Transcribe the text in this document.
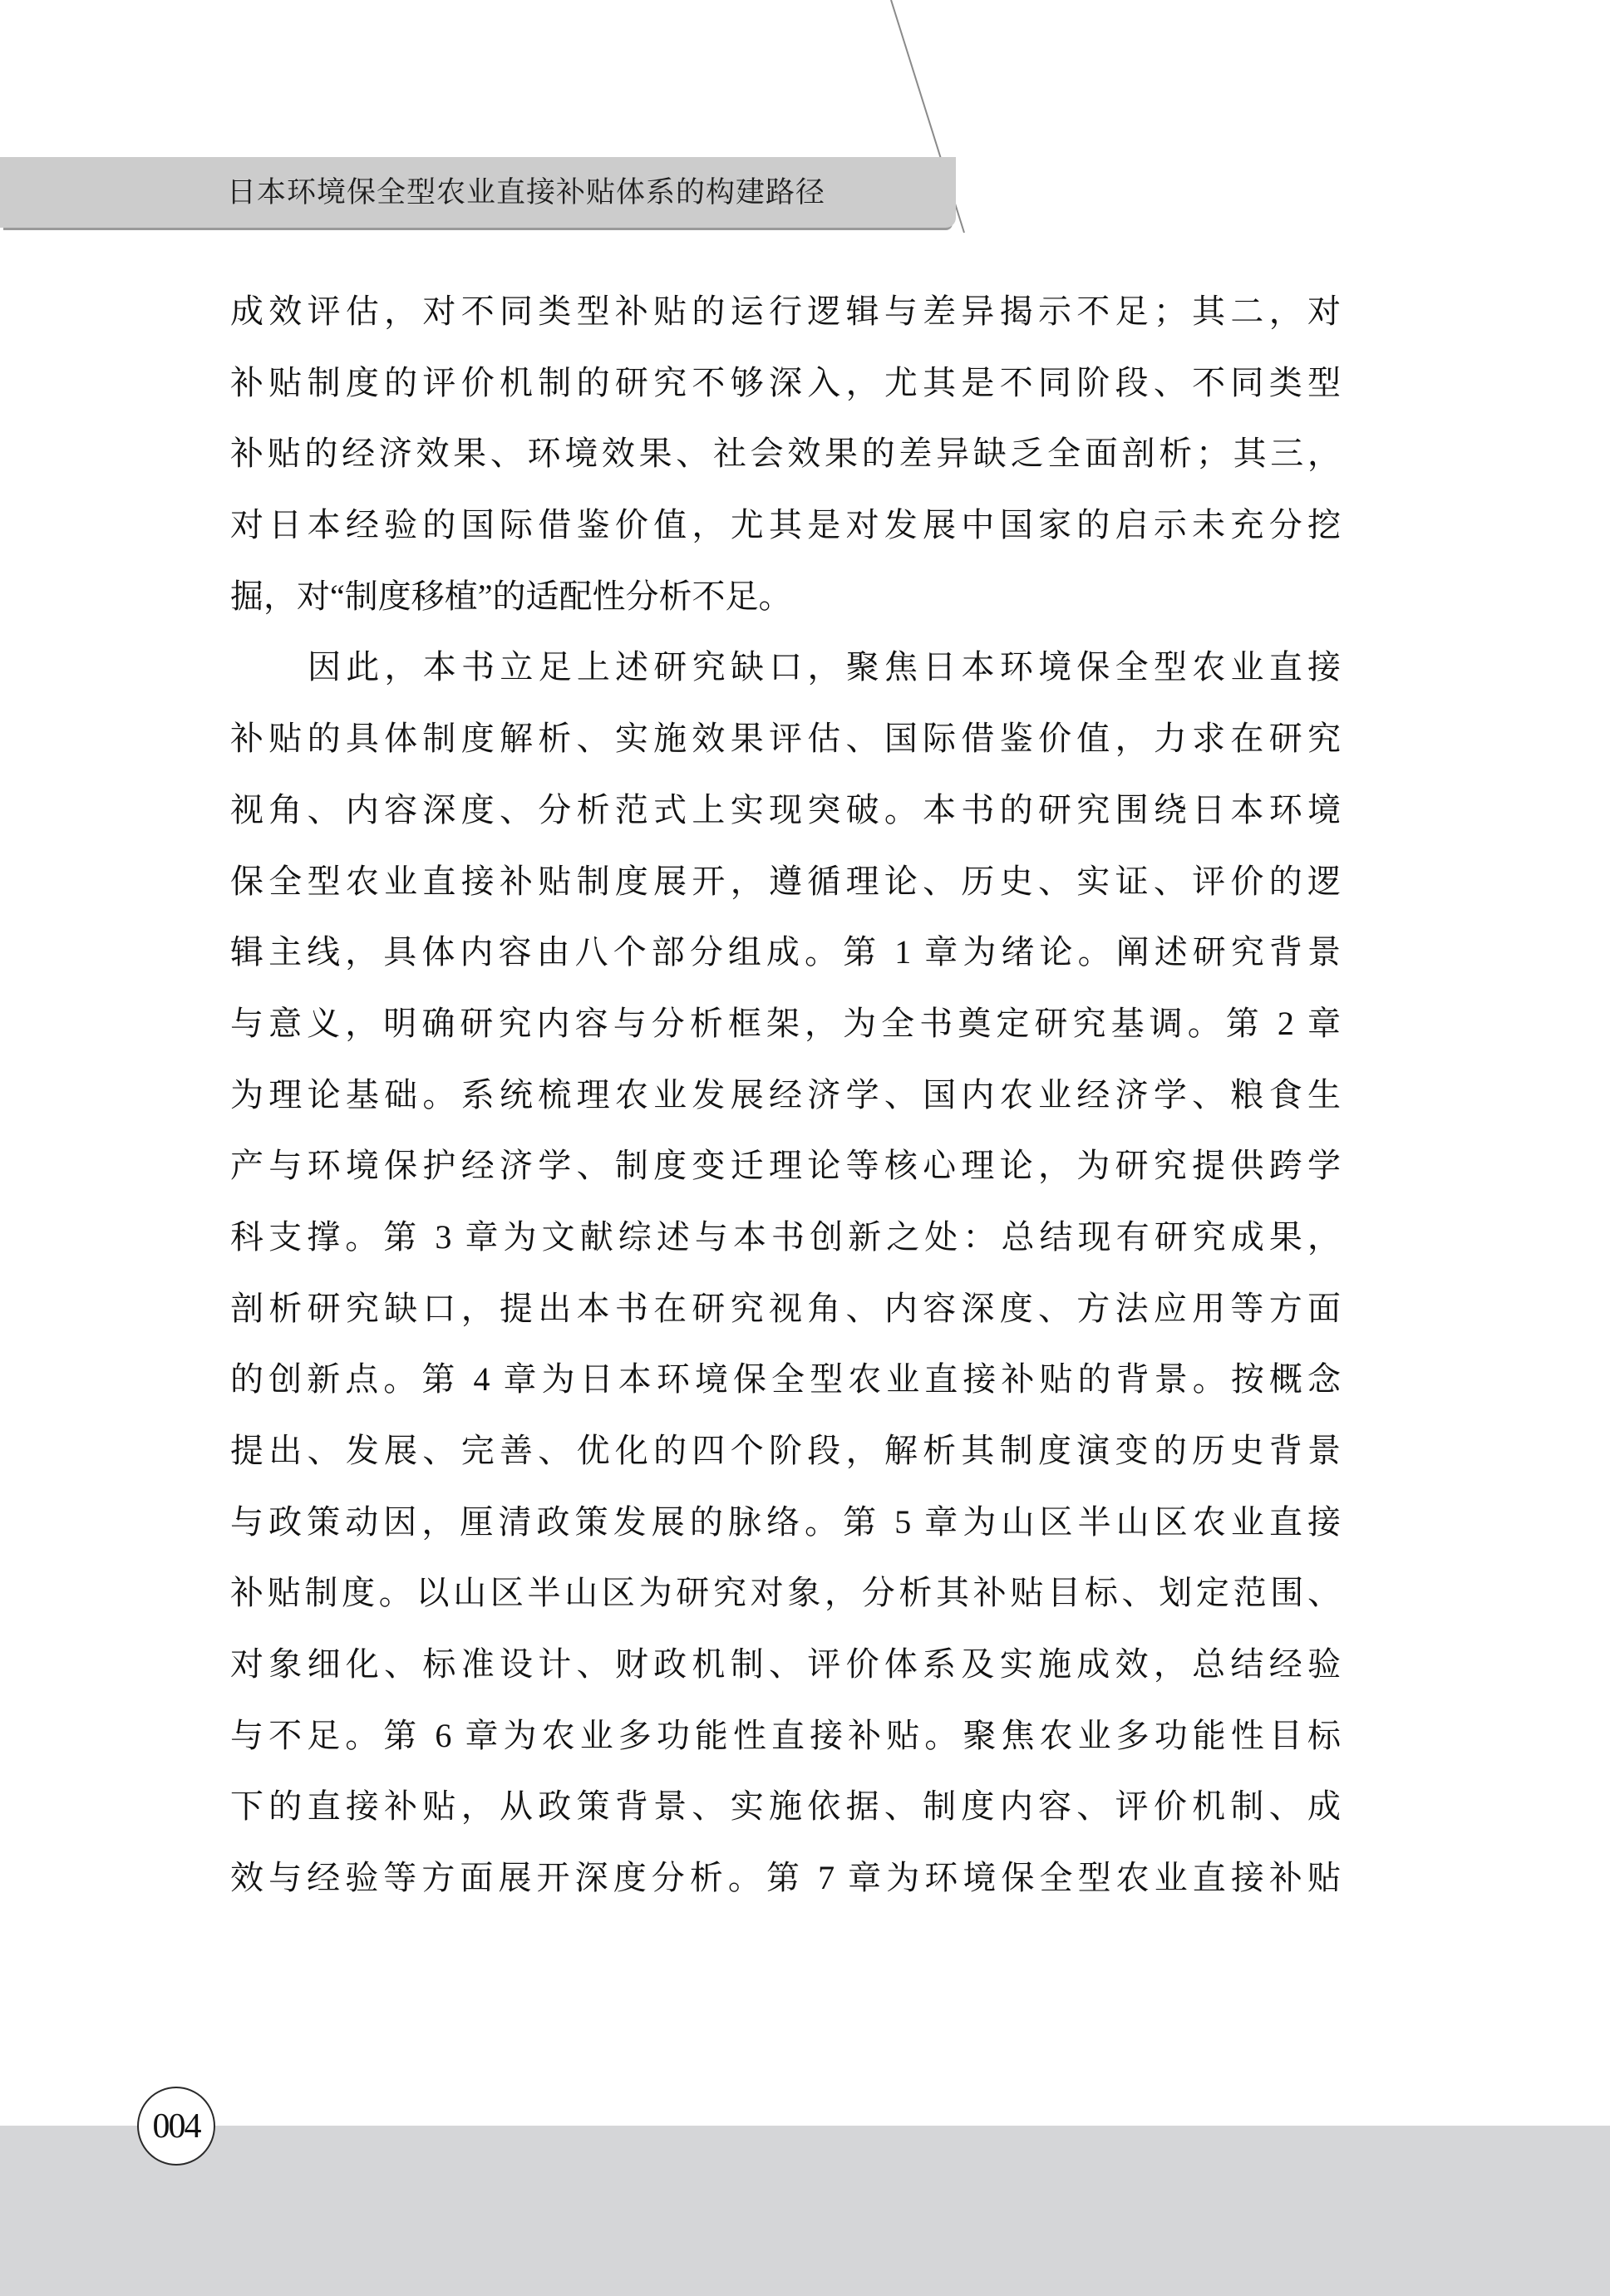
日本环境保全型农业直接补贴体系的构建路径
成效评估，对不同类型补贴的运行逻辑与差异揭示不足；其二，对
补贴制度的评价机制的研究不够深入，尤其是不同阶段、不同类型
补贴的经济效果、环境效果、社会效果的差异缺乏全面剖析；其三，
对日本经验的国际借鉴价值，尤其是对发展中国家的启示未充分挖
掘，对“制度移植”的适配性分析不足。
因此，本书立足上述研究缺口，聚焦日本环境保全型农业直接
补贴的具体制度解析、实施效果评估、国际借鉴价值，力求在研究
视角、内容深度、分析范式上实现突破。本书的研究围绕日本环境
保全型农业直接补贴制度展开，遵循理论、历史、实证、评价的逻
辑主线，具体内容由八个部分组成。第 1 章为绪论。阐述研究背景
与意义，明确研究内容与分析框架，为全书奠定研究基调。第 2 章
为理论基础。系统梳理农业发展经济学、国内农业经济学、粮食生
产与环境保护经济学、制度变迁理论等核心理论，为研究提供跨学
科支撑。第 3 章为文献综述与本书创新之处：总结现有研究成果，
剖析研究缺口，提出本书在研究视角、内容深度、方法应用等方面
的创新点。第 4 章为日本环境保全型农业直接补贴的背景。按概念
提出、发展、完善、优化的四个阶段，解析其制度演变的历史背景
与政策动因，厘清政策发展的脉络。第 5 章为山区半山区农业直接
补贴制度。以山区半山区为研究对象，分析其补贴目标、划定范围、
对象细化、标准设计、财政机制、评价体系及实施成效，总结经验
与不足。第 6 章为农业多功能性直接补贴。聚焦农业多功能性目标
下的直接补贴，从政策背景、实施依据、制度内容、评价机制、成
效与经验等方面展开深度分析。第 7 章为环境保全型农业直接补贴
004
